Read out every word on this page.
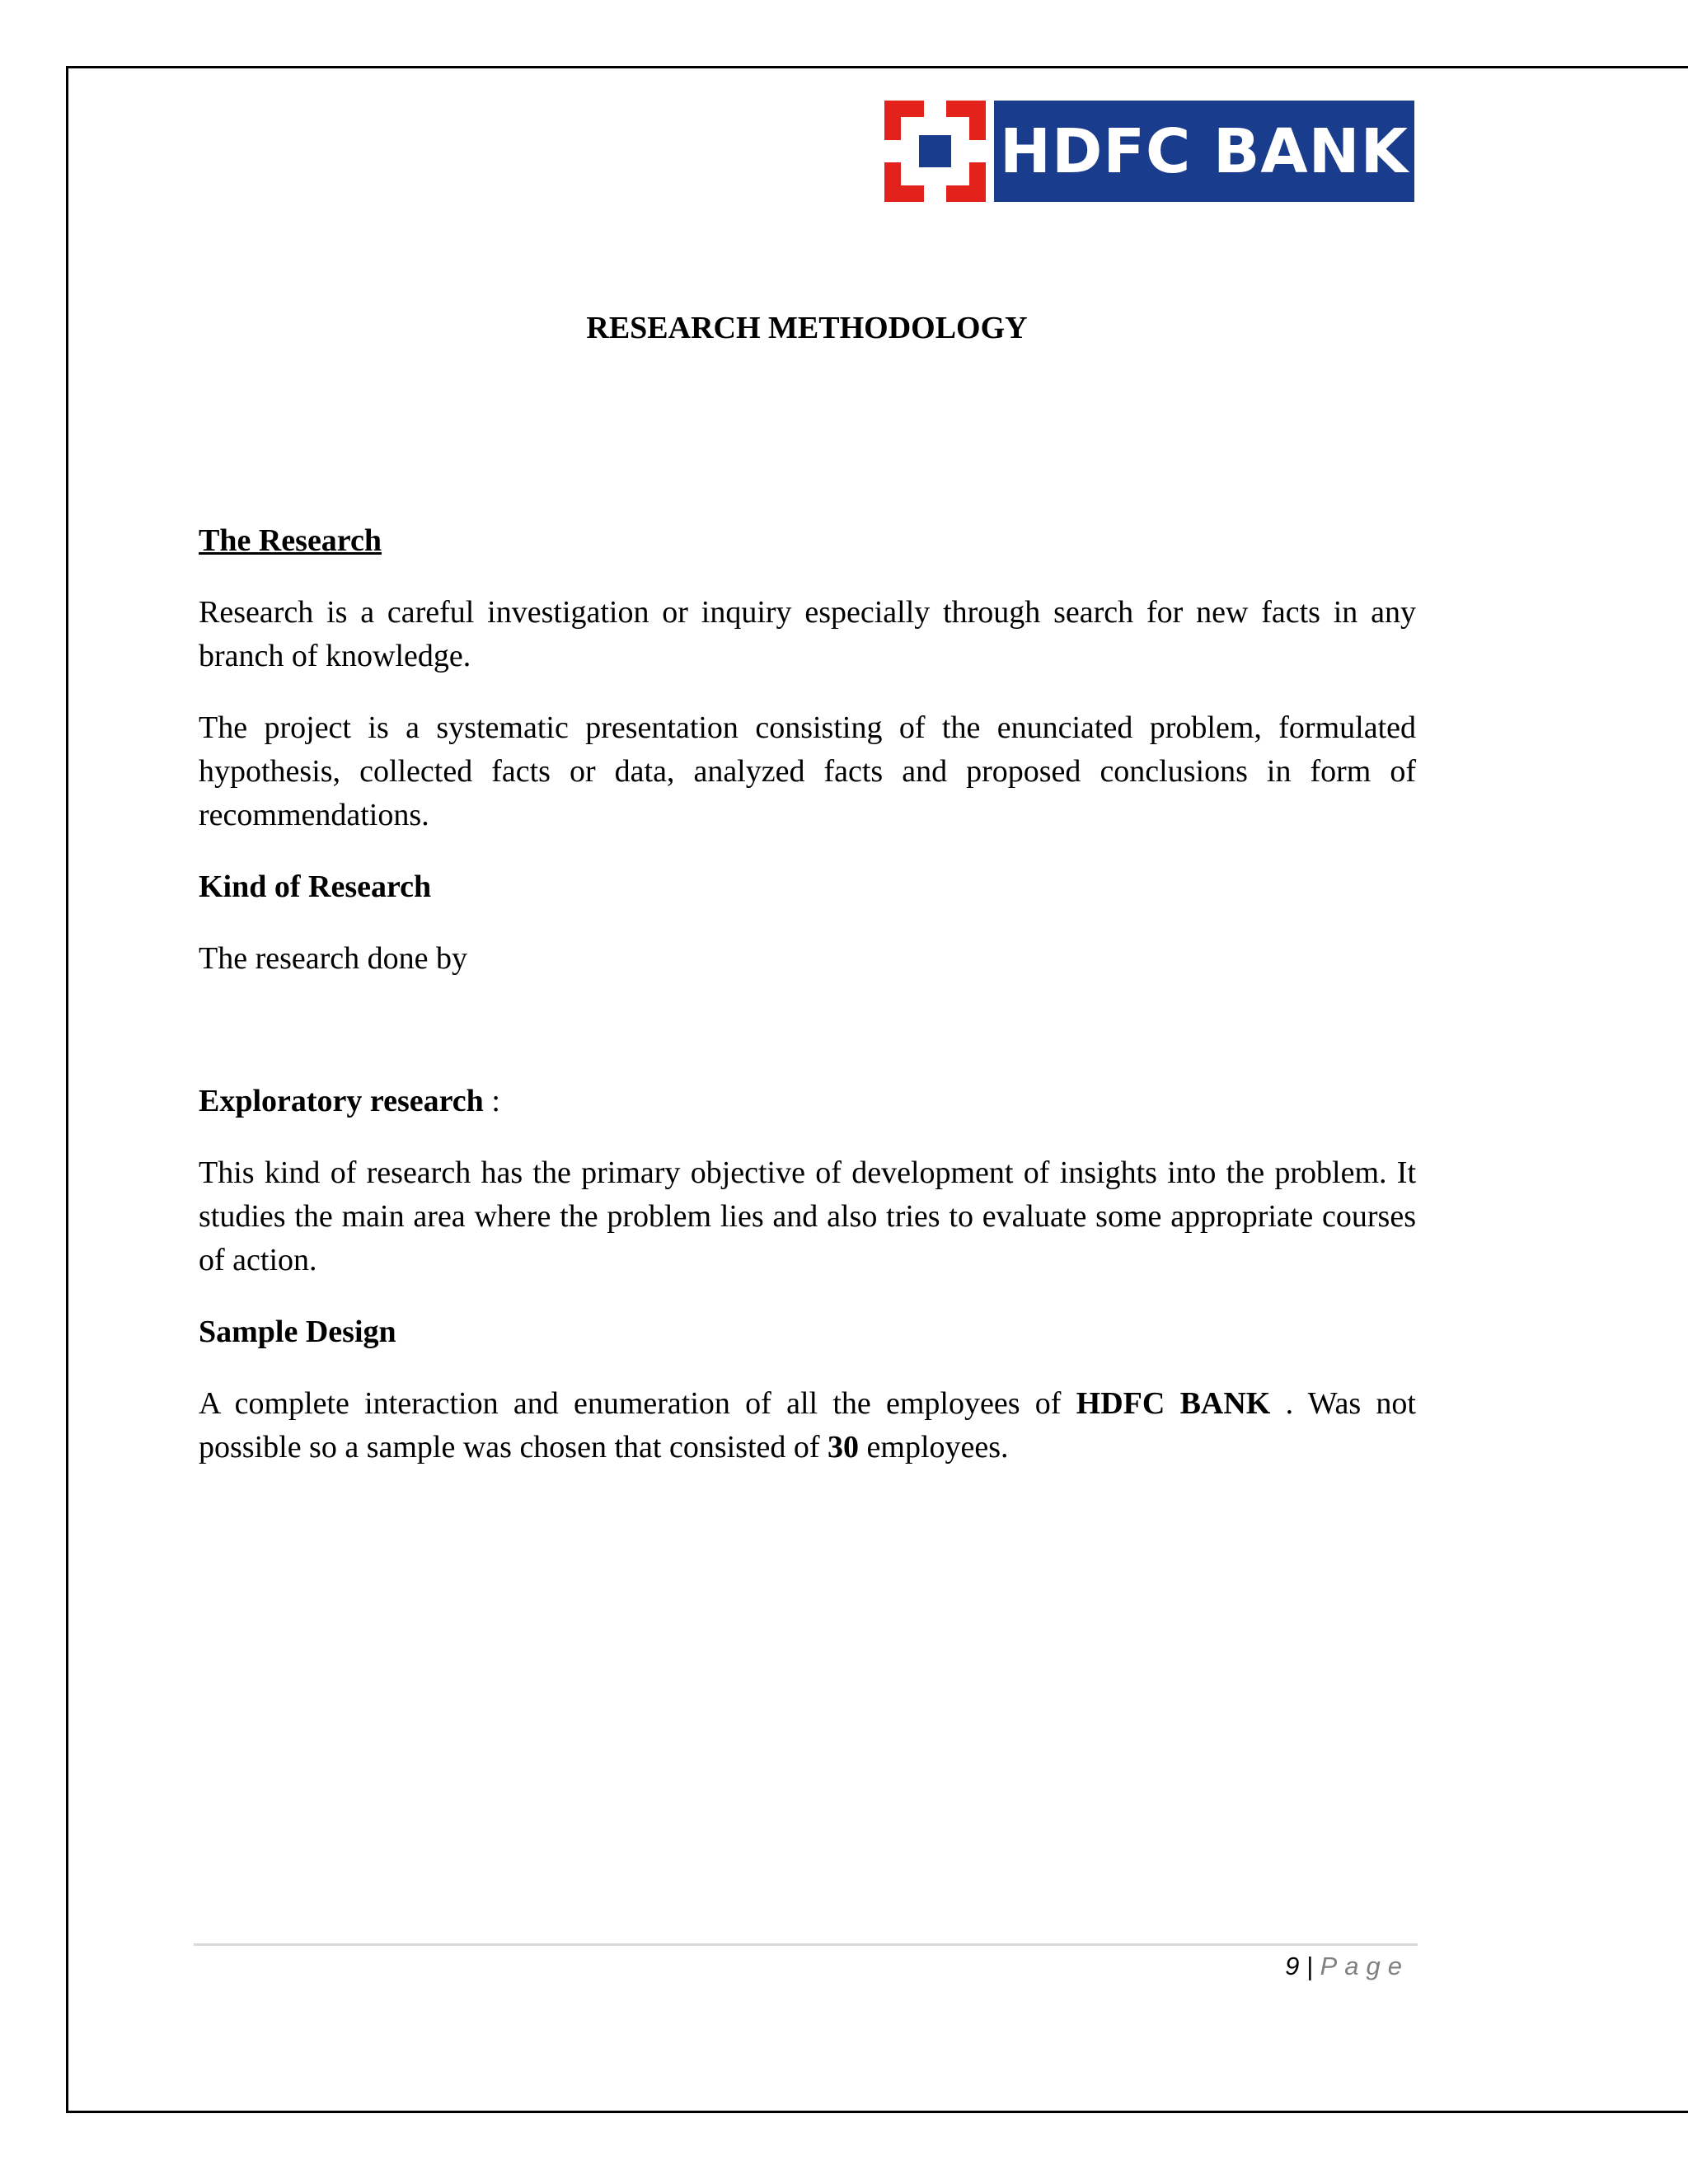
HDFC BANK
RESEARCH METHODOLOGY

The Research

Research is a careful investigation or inquiry especially through search for new facts in any branch of knowledge.

The project is a systematic presentation consisting of the enunciated problem, formulated hypothesis, collected facts or data, analyzed facts and proposed conclusions in form of recommendations.

Kind of Research

The research done by

Exploratory research :

This kind of research has the primary objective of development of insights into the problem. It studies the main area where the problem lies and also tries to evaluate some appropriate courses of action.

Sample Design

A complete interaction and enumeration of all the employees of HDFC BANK . Was not possible so a sample was chosen that consisted of 30 employees.

9 | Page
